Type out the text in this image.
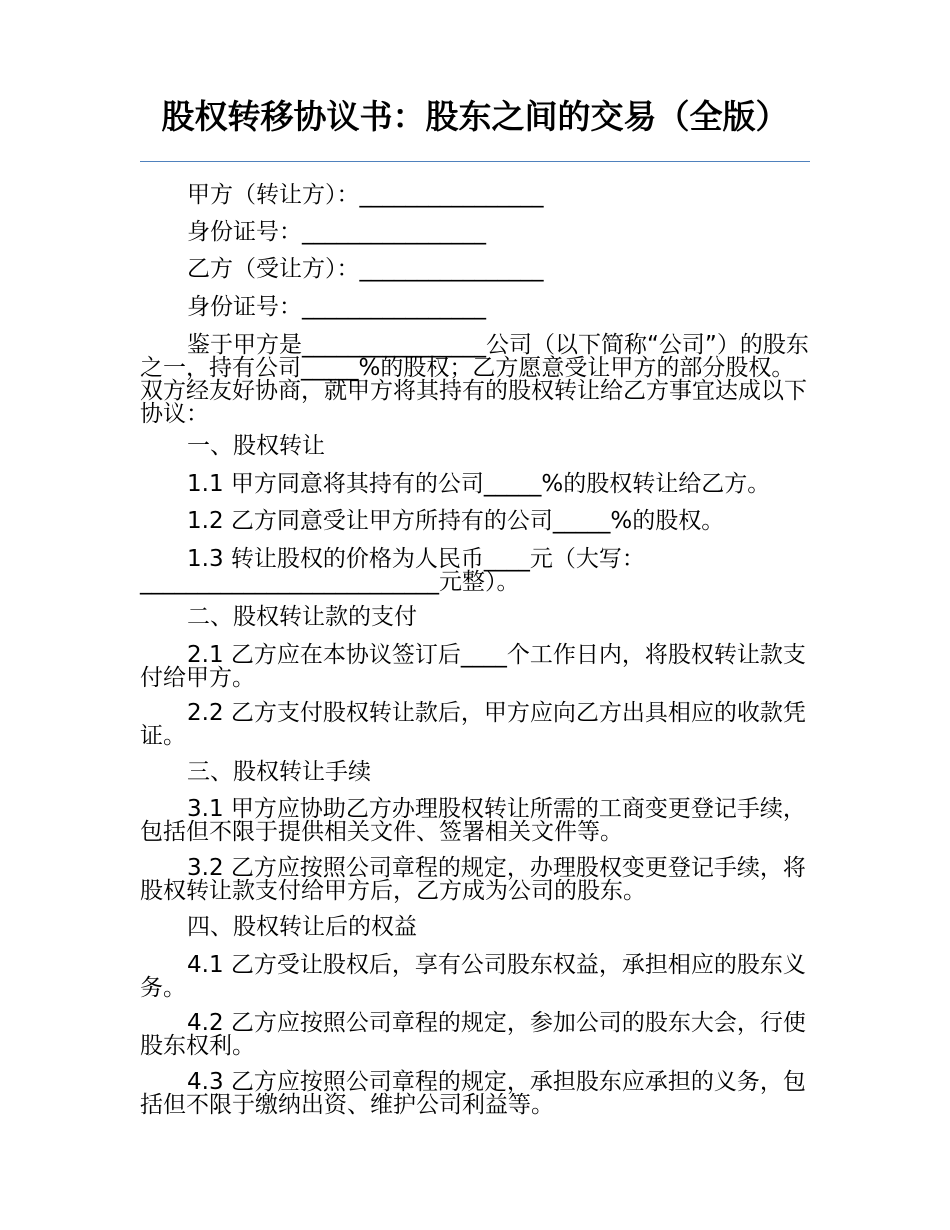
股权转移协议书：股东之间的交易（全版）

甲方（转让方）：________________

身份证号：________________

乙方（受让方）：________________

身份证号：________________

鉴于甲方是________________公司（以下简称“公司”）的股东之一，持有公司_____%的股权；乙方愿意受让甲方的部分股权。双方经友好协商，就甲方将其持有的股权转让给乙方事宜达成以下协议：

一、股权转让

1.1 甲方同意将其持有的公司_____%的股权转让给乙方。

1.2 乙方同意受让甲方所持有的公司_____%的股权。

1.3 转让股权的价格为人民币____元（大写：__________________________元整）。

二、股权转让款的支付

2.1 乙方应在本协议签订后____个工作日内，将股权转让款支付给甲方。

2.2 乙方支付股权转让款后，甲方应向乙方出具相应的收款凭证。

三、股权转让手续

3.1 甲方应协助乙方办理股权转让所需的工商变更登记手续，包括但不限于提供相关文件、签署相关文件等。

3.2 乙方应按照公司章程的规定，办理股权变更登记手续，将股权转让款支付给甲方后，乙方成为公司的股东。

四、股权转让后的权益

4.1 乙方受让股权后，享有公司股东权益，承担相应的股东义务。

4.2 乙方应按照公司章程的规定，参加公司的股东大会，行使股东权利。

4.3 乙方应按照公司章程的规定，承担股东应承担的义务，包括但不限于缴纳出资、维护公司利益等。
